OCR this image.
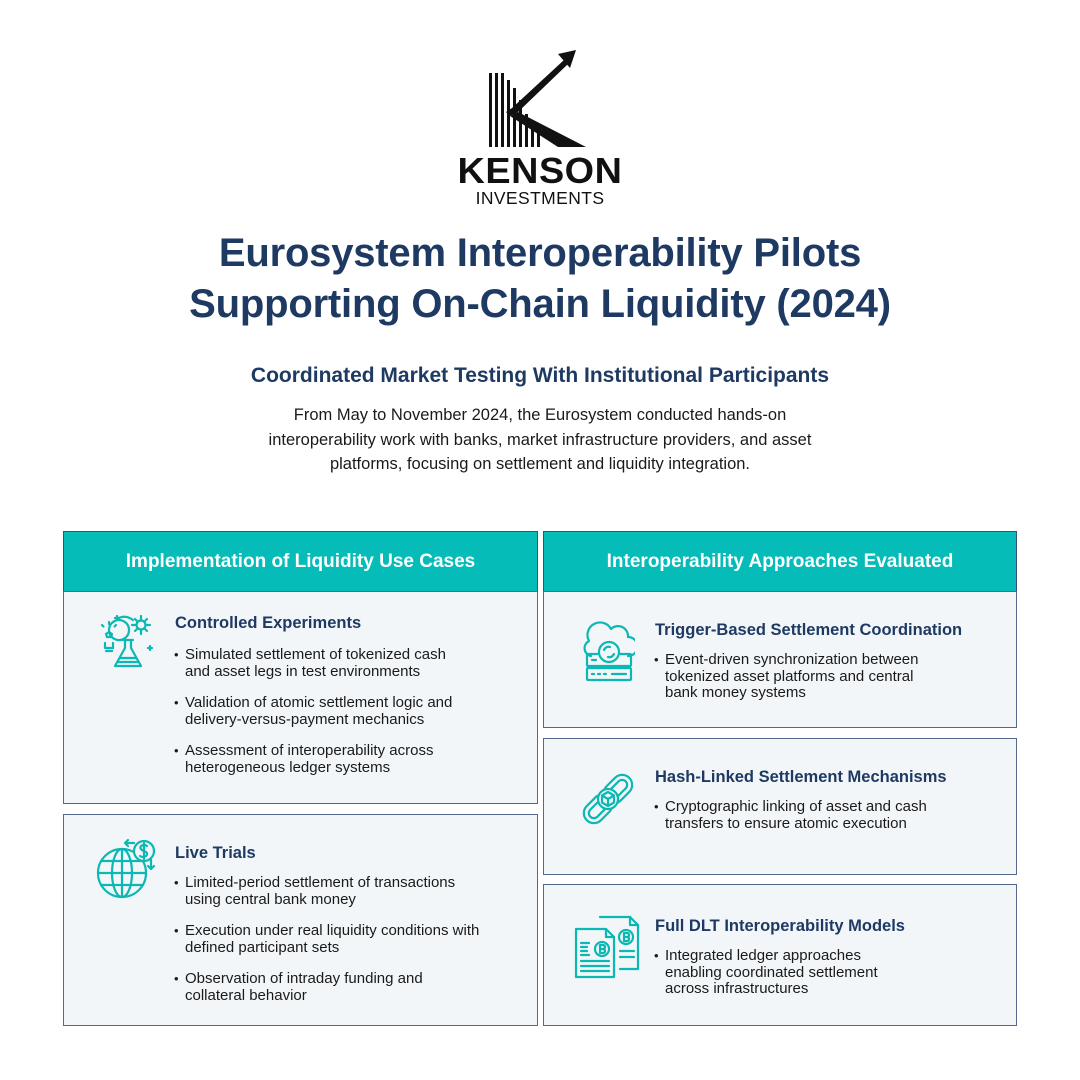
KENSON
INVESTMENTS
Eurosystem Interoperability Pilots
Supporting On-Chain Liquidity (2024)
Coordinated Market Testing With Institutional Participants
From May to November 2024, the Eurosystem conducted hands-on
interoperability work with banks, market infrastructure providers, and asset
platforms, focusing on settlement and liquidity integration.
Implementation of Liquidity Use Cases
Controlled Experiments
• Simulated settlement of tokenized cash
and asset legs in test environments
• Validation of atomic settlement logic and
delivery-versus-payment mechanics
• Assessment of interoperability across
heterogeneous ledger systems
Live Trials
• Limited-period settlement of transactions
using central bank money
• Execution under real liquidity conditions with
defined participant sets
• Observation of intraday funding and
collateral behavior
Interoperability Approaches Evaluated
Trigger-Based Settlement Coordination
• Event-driven synchronization between
tokenized asset platforms and central
bank money systems
Hash-Linked Settlement Mechanisms
• Cryptographic linking of asset and cash
transfers to ensure atomic execution
Full DLT Interoperability Models
• Integrated ledger approaches
enabling coordinated settlement
across infrastructures
